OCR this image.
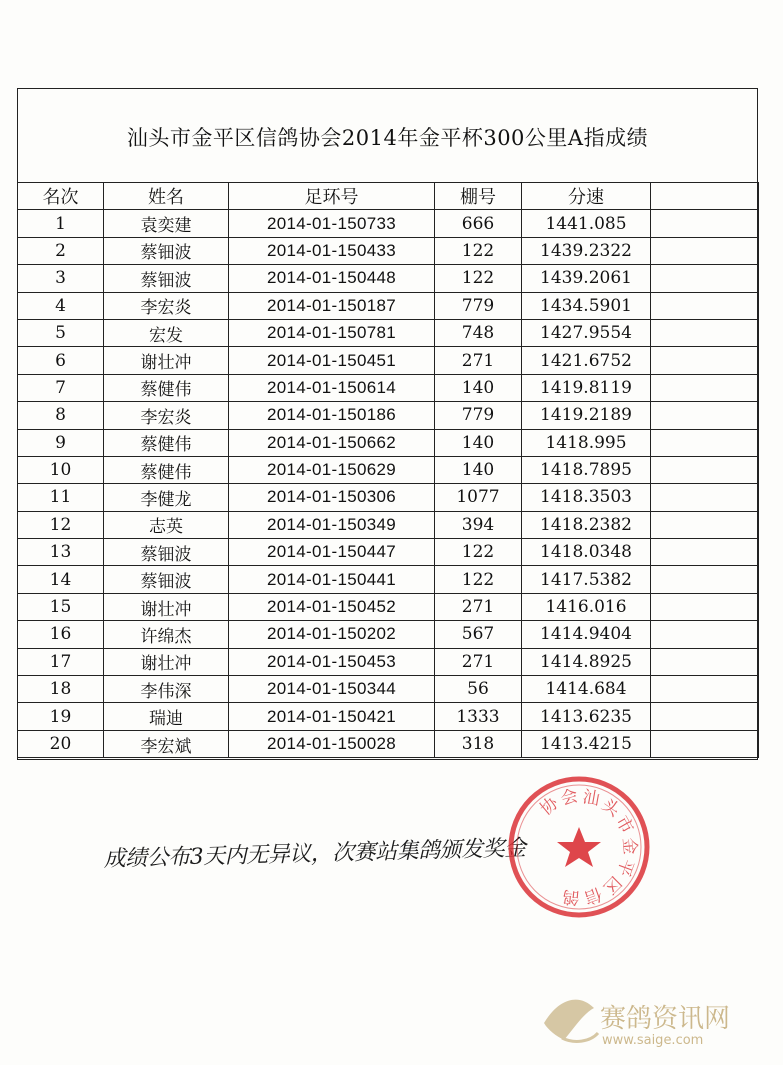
汕头市金平区信鸽协会2014年金平杯300公里A指成绩
名次	姓名	足环号	棚号	分速	
1	袁奕建	2014-01-150733	666	1441.085	
2	蔡钿波	2014-01-150433	122	1439.2322	
3	蔡钿波	2014-01-150448	122	1439.2061	
4	李宏炎	2014-01-150187	779	1434.5901	
5	宏发	2014-01-150781	748	1427.9554	
6	谢壮冲	2014-01-150451	271	1421.6752	
7	蔡健伟	2014-01-150614	140	1419.8119	
8	李宏炎	2014-01-150186	779	1419.2189	
9	蔡健伟	2014-01-150662	140	1418.995	
10	蔡健伟	2014-01-150629	140	1418.7895	
11	李健龙	2014-01-150306	1077	1418.3503	
12	志英	2014-01-150349	394	1418.2382	
13	蔡钿波	2014-01-150447	122	1418.0348	
14	蔡钿波	2014-01-150441	122	1417.5382	
15	谢壮冲	2014-01-150452	271	1416.016	
16	许绵杰	2014-01-150202	567	1414.9404	
17	谢壮冲	2014-01-150453	271	1414.8925	
18	李伟深	2014-01-150344	56	1414.684	
19	瑞迪	2014-01-150421	1333	1413.6235	
20	李宏斌	2014-01-150028	318	1413.4215	
成绩公布3天内无异议，次赛站集鸽颁发奖金
汕
头
市
金
平
区
信
鸽
协
会
赛鸽资讯网
www.saige.com
